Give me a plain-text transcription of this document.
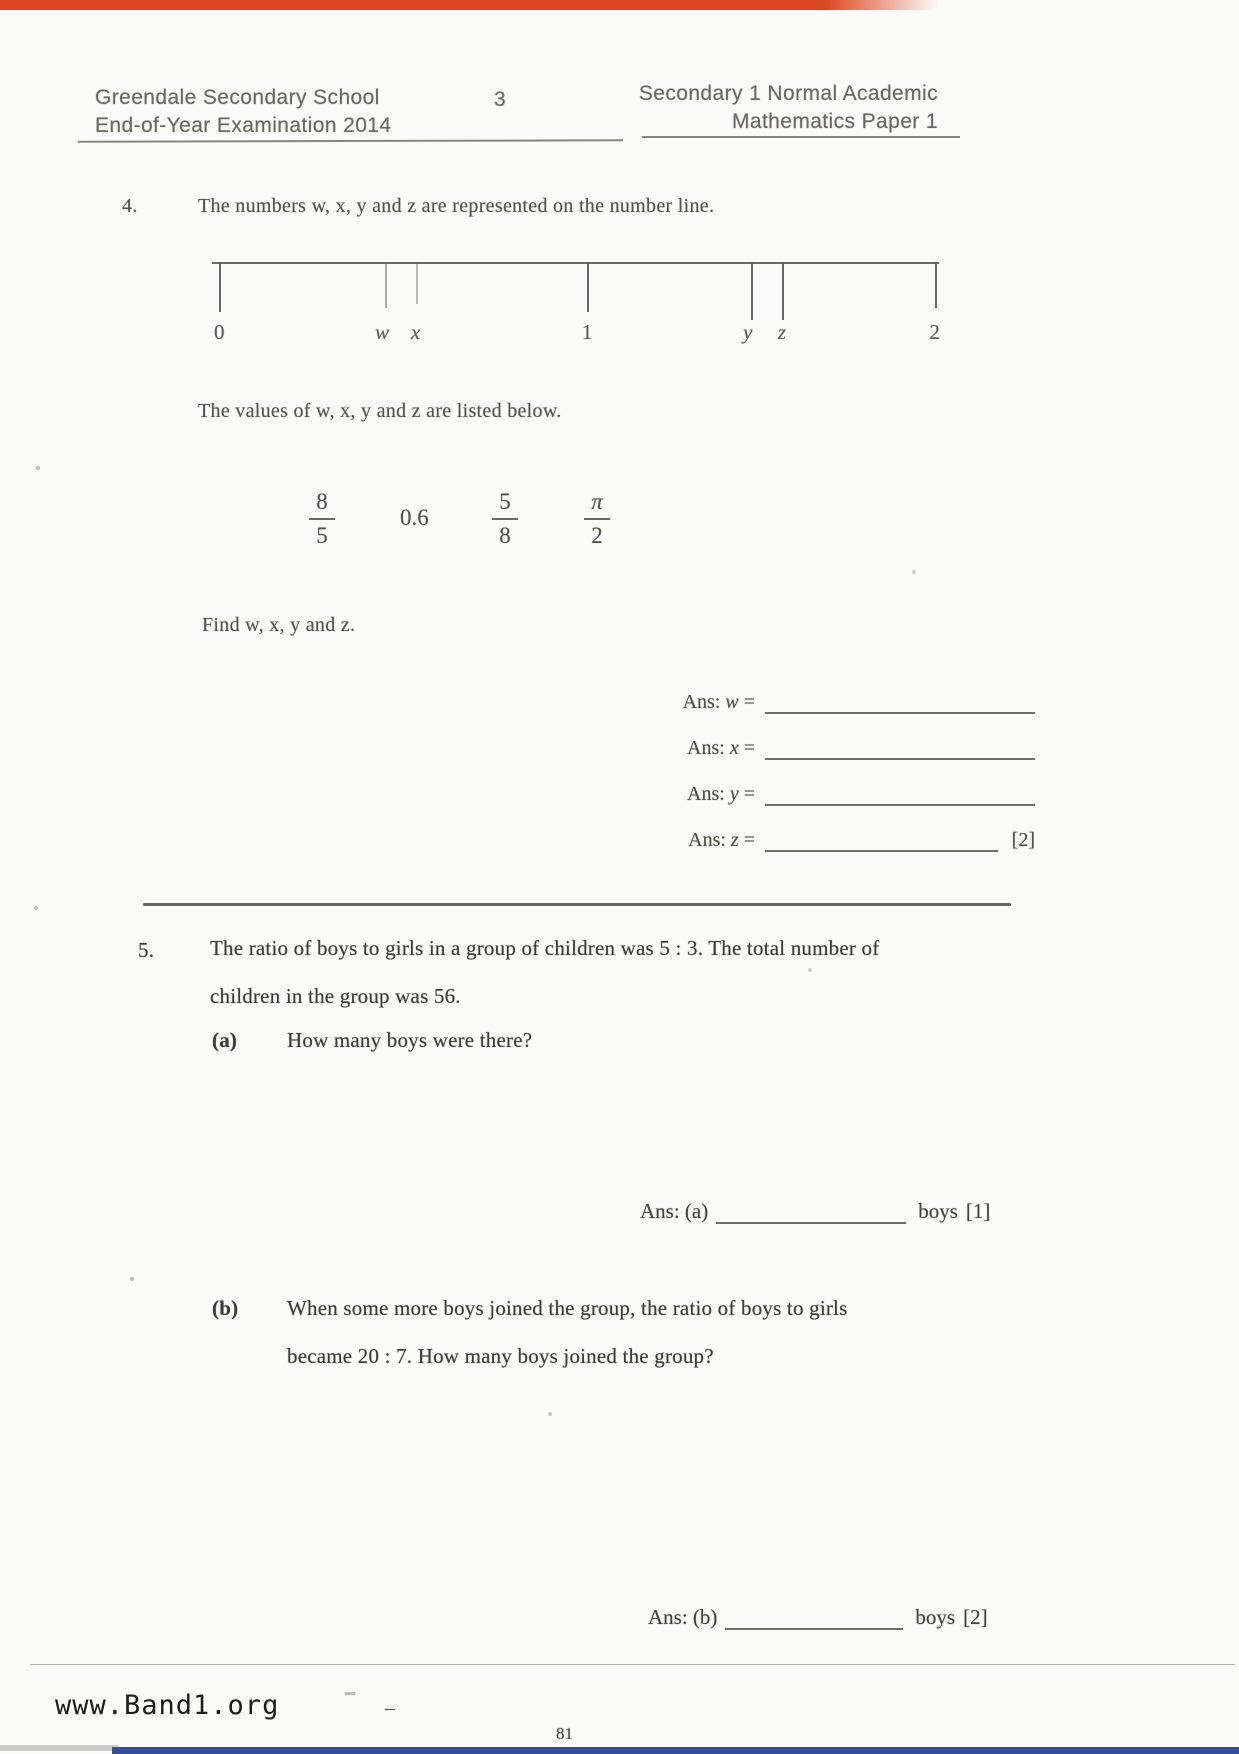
Greendale Secondary School
End-of-Year Examination 2014
3	Secondary 1 Normal Academic
Mathematics Paper 1
4.	The numbers w, x, y and z are represented on the number line.
0	w x	1	y z	2
The values of w, x, y and z are listed below.
8
5
0.6
5
8
π
2
Find w, x, y and z.
Ans: w =
Ans: x =
Ans: y =
Ans: z =	[2]
5.	The ratio of boys to girls in a group of children was 5 : 3. The total number of
children in the group was 56.
(a) How many boys were there?
Ans: (a)	boys [1]
(b) When some more boys joined the group, the ratio of boys to girls
became 20 : 7. How many boys joined the group?
Ans: (b)	boys [2]
www.Band1.org	–
81
